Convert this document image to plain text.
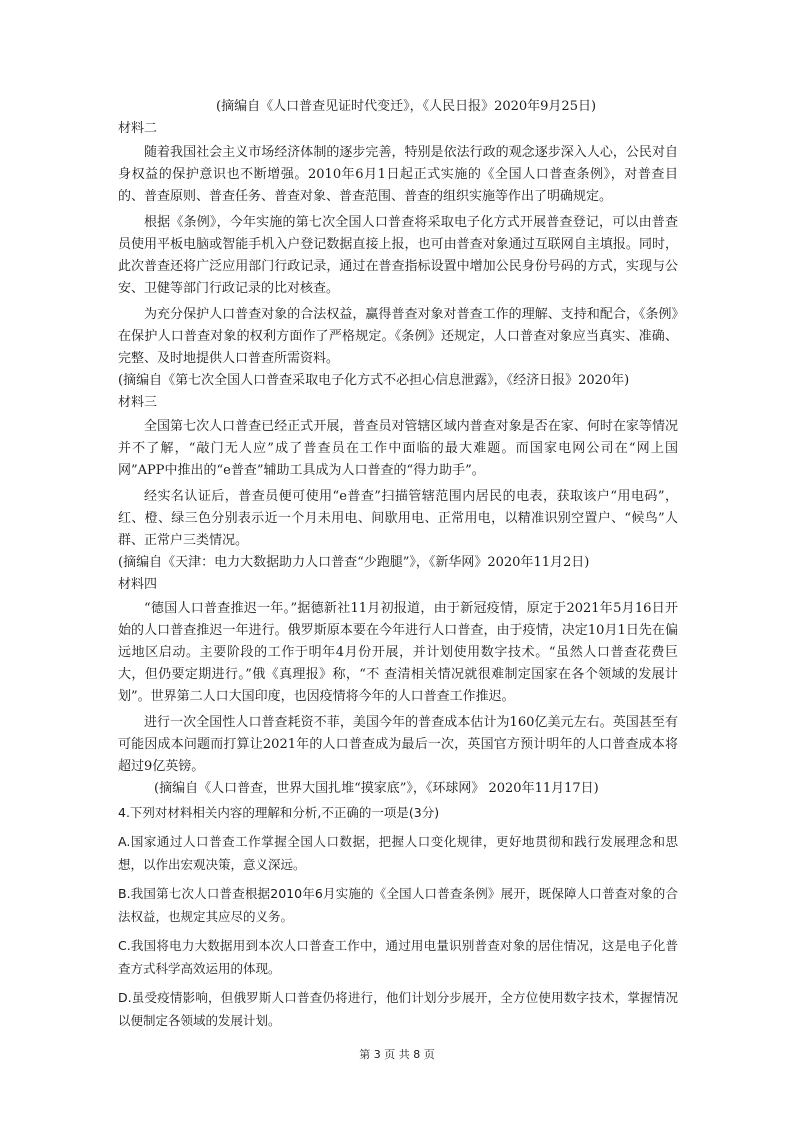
(摘编自《人口普查见证时代变迁》，《人民日报》2020年9月25日)

材料二

随着我国社会主义市场经济体制的逐步完善，特别是依法行政的观念逐步深入人心，公民对自身权益的保护意识也不断增强。2010年6月1日起正式实施的《全国人口普查条例》，对普查目的、普查原则、普查任务、普查对象、普查范围、普查的组织实施等作出了明确规定。

根据《条例》，今年实施的第七次全国人口普查将采取电子化方式开展普查登记，可以由普查员使用平板电脑或智能手机入户登记数据直接上报，也可由普查对象通过互联网自主填报。同时，此次普查还将广泛应用部门行政记录，通过在普查指标设置中增加公民身份号码的方式，实现与公安、卫健等部门行政记录的比对核查。

为充分保护人口普查对象的合法权益，赢得普查对象对普查工作的理解、支持和配合，《条例》在保护人口普查对象的权利方面作了严格规定。《条例》还规定，人口普查对象应当真实、准确、完整、及时地提供人口普查所需资料。

(摘编自《第七次全国人口普查采取电子化方式不必担心信息泄露》，《经济日报》2020年)

材料三

全国第七次人口普查已经正式开展，普查员对管辖区域内普查对象是否在家、何时在家等情况并不了解，“敲门无人应”成了普查员在工作中面临的最大难题。而国家电网公司在“网上国网”APP中推出的“e普查”辅助工具成为人口普查的“得力助手”。

经实名认证后，普查员便可使用“e普查”扫描管辖范围内居民的电表，获取该户“用电码”，红、橙、绿三色分别表示近一个月未用电、间歇用电、正常用电，以精准识别空置户、“候鸟”人群、正常户三类情况。

(摘编自《天津：电力大数据助力人口普查“少跑腿”》，《新华网》2020年11月2日)

材料四

“德国人口普查推迟一年。”据德新社11月初报道，由于新冠疫情，原定于2021年5月16日开始的人口普查推迟一年进行。俄罗斯原本要在今年进行人口普查，由于疫情，决定10月1日先在偏远地区启动。主要阶段的工作于明年4月份开展，并计划使用数字技术。“虽然人口普查花费巨大，但仍要定期进行。”俄《真理报》称，“不 查清相关情况就很难制定国家在各个领域的发展计划”。世界第二人口大国印度，也因疫情将今年的人口普查工作推迟。

进行一次全国性人口普查耗资不菲，美国今年的普查成本估计为160亿美元左右。英国甚至有可能因成本问题而打算让2021年的人口普查成为最后一次，英国官方预计明年的人口普查成本将超过9亿英镑。

(摘编自《人口普查，世界大国扎堆“摸家底”》，《环球网》 2020年11月17日)

4.下列对材料相关内容的理解和分析,不正确的一项是(3分)

A.国家通过人口普查工作掌握全国人口数据，把握人口变化规律，更好地贯彻和践行发展理念和思想，以作出宏观决策，意义深远。

B.我国第七次人口普查根据2010年6月实施的《全国人口普查条例》展开，既保障人口普查对象的合法权益，也规定其应尽的义务。

C.我国将电力大数据用到本次人口普查工作中，通过用电量识别普查对象的居住情况，这是电子化普查方式科学高效运用的体现。

D.虽受疫情影响，但俄罗斯人口普查仍将进行，他们计划分步展开，全方位使用数字技术，掌握情况以便制定各领域的发展计划。

第 3 页 共 8 页
